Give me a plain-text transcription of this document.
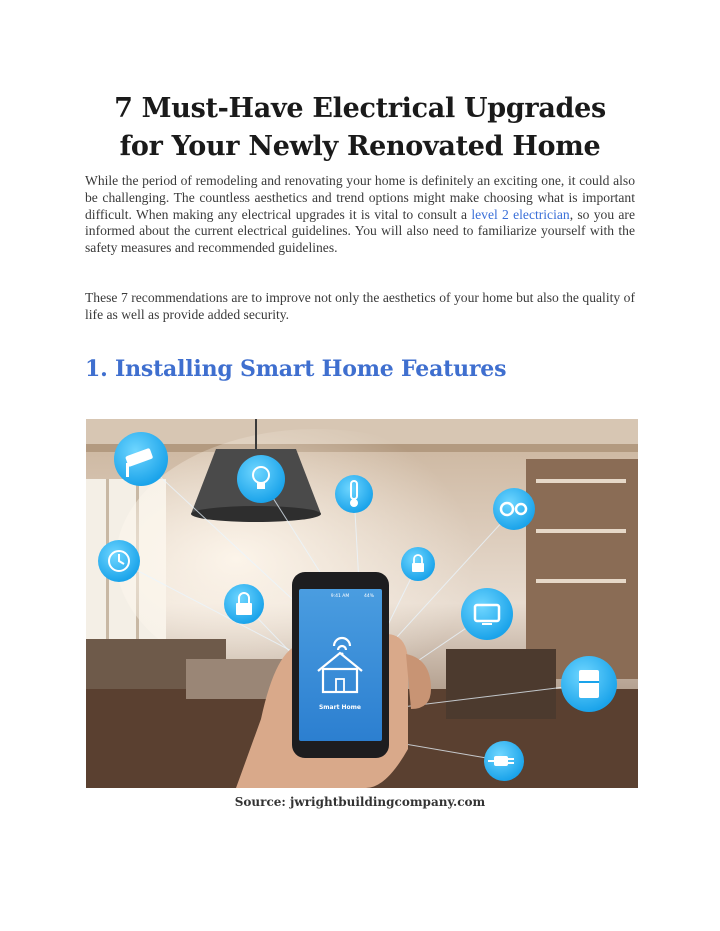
7 Must-Have Electrical Upgrades
for Your Newly Renovated Home

While the period of remodeling and renovating your home is definitely an exciting one, it could also be challenging. The countless aesthetics and trend options might make choosing what is important difficult. When making any electrical upgrades it is vital to consult a level 2 electrician, so you are informed about the current electrical guidelines. You will also need to familiarize yourself with the safety measures and recommended guidelines.

These 7 recommendations are to improve not only the aesthetics of your home but also the quality of life as well as provide added security.

1. Installing Smart Home Features
9:41 AM	44%
Smart Home

Source: jwrightbuildingcompany.com
